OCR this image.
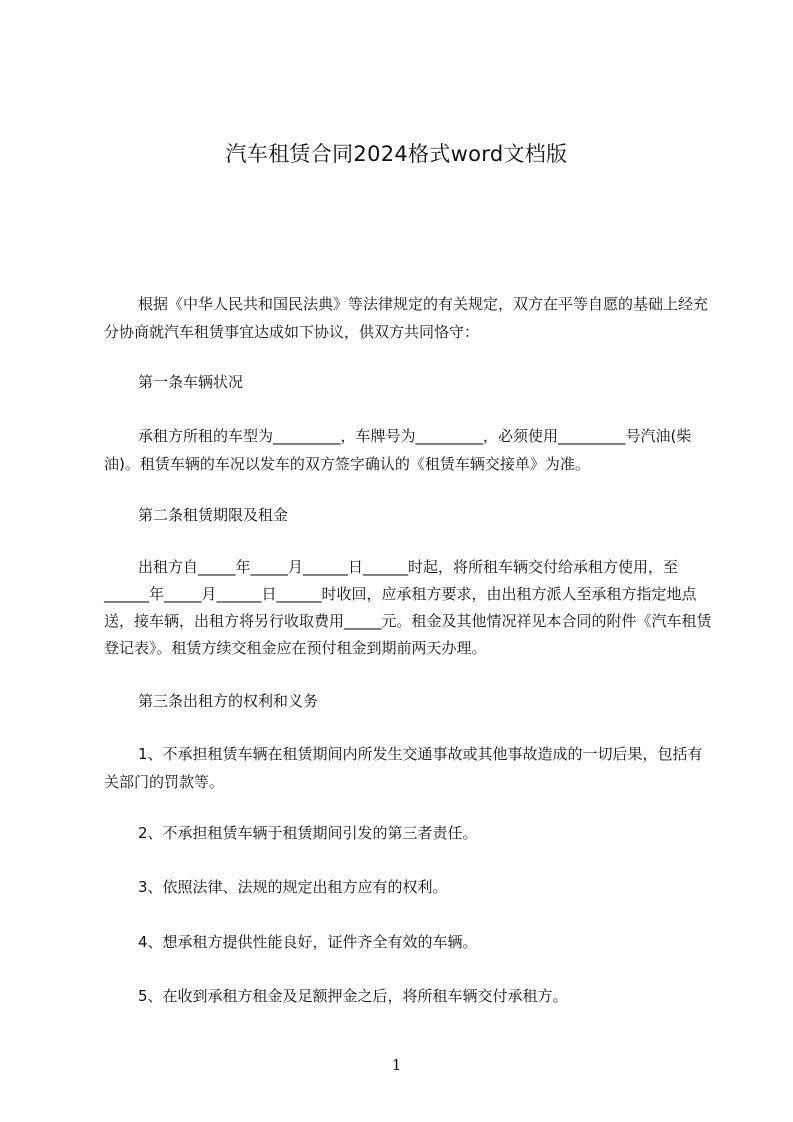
汽车租赁合同2024格式word文档版

根据《中华人民共和国民法典》等法律规定的有关规定，双方在平等自愿的基础上经充分协商就汽车租赁事宜达成如下协议，供双方共同恪守：

第一条车辆状况

承租方所租的车型为_________，车牌号为_________，必须使用_________号汽油(柴油)。租赁车辆的车况以发车的双方签字确认的《租赁车辆交接单》为准。

第二条租赁期限及租金

出租方自_____年_____月______日______时起，将所租车辆交付给承租方使用，至______年_____月______日______时收回，应承租方要求，由出租方派人至承租方指定地点送，接车辆，出租方将另行收取费用_____元。租金及其他情况祥见本合同的附件《汽车租赁登记表》。租赁方续交租金应在预付租金到期前两天办理。

第三条出租方的权利和义务

1、不承担租赁车辆在租赁期间内所发生交通事故或其他事故造成的一切后果，包括有关部门的罚款等。

2、不承担租赁车辆于租赁期间引发的第三者责任。

3、依照法律、法规的规定出租方应有的权利。

4、想承租方提供性能良好，证件齐全有效的车辆。

5、在收到承租方租金及足额押金之后，将所租车辆交付承租方。

1
